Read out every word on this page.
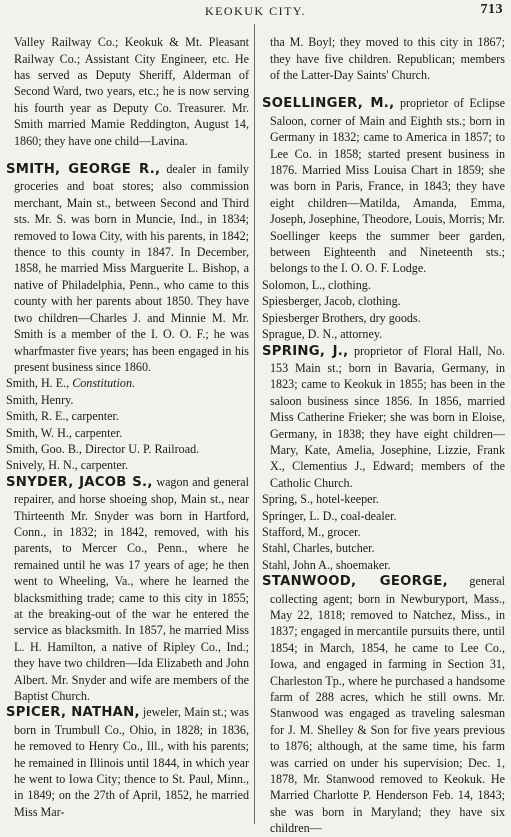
KEOKUK CITY.	713

Valley Railway Co.; Keokuk & Mt. Pleasant Railway Co.; Assistant City Engineer, etc. He has served as Deputy Sheriff, Alderman of Second Ward, two years, etc.; he is now serving his fourth year as Deputy Co. Treasurer. Mr. Smith married Mamie Reddington, August 14, 1860; they have one child—Lavina.

SMITH, GEORGE R., dealer in family groceries and boat stores; also commission merchant, Main st., between Second and Third sts. Mr. S. was born in Muncie, Ind., in 1834; removed to Iowa City, with his parents, in 1842; thence to this county in 1847. In December, 1858, he married Miss Marguerite L. Bishop, a native of Philadelphia, Penn., who came to this county with her parents about 1850. They have two children—Charles J. and Minnie M. Mr. Smith is a member of the I. O. O. F.; he was wharfmaster five years; has been engaged in his present business since 1860.

Smith, H. E., Constitution.

Smith, Henry.

Smith, R. E., carpenter.

Smith, W. H., carpenter.

Smith, Goo. B., Director U. P. Railroad.

Snively, H. N., carpenter.

SNYDER, JACOB S., wagon and general repairer, and horse shoeing shop, Main st., near Thirteenth Mr. Snyder was born in Hartford, Conn., in 1832; in 1842, removed, with his parents, to Mercer Co., Penn., where he remained until he was 17 years of age; he then went to Wheeling, Va., where he learned the blacksmithing trade; came to this city in 1855; at the breaking-out of the war he entered the service as blacksmith. In 1857, he married Miss L. H. Hamilton, a native of Ripley Co., Ind.; they have two children—Ida Elizabeth and John Albert. Mr. Snyder and wife are members of the Baptist Church.

SPICER, NATHAN, jeweler, Main st.; was born in Trumbull Co., Ohio, in 1828; in 1836, he removed to Henry Co., Ill., with his parents; he remained in Illinois until 1844, in which year he went to Iowa City; thence to St. Paul, Minn., in 1849; on the 27th of April, 1852, he married Miss Mar-

tha M. Boyl; they moved to this city in 1867; they have five children. Republican; members of the Latter-Day Saints' Church.

SOELLINGER, M., proprietor of Eclipse Saloon, corner of Main and Eighth sts.; born in Germany in 1832; came to America in 1857; to Lee Co. in 1858; started present business in 1876. Married Miss Louisa Chart in 1859; she was born in Paris, France, in 1843; they have eight children—Matilda, Amanda, Emma, Joseph, Josephine, Theodore, Louis, Morris; Mr. Soellinger keeps the summer beer garden, between Eighteenth and Nineteenth sts.; belongs to the I. O. O. F. Lodge.

Solomon, L., clothing.

Spiesberger, Jacob, clothing.

Spiesberger Brothers, dry goods.

Sprague, D. N., attorney.

SPRING, J., proprietor of Floral Hall, No. 153 Main st.; born in Bavaria, Germany, in 1823; came to Keokuk in 1855; has been in the saloon business since 1856. In 1856, married Miss Catherine Frieker; she was born in Eloise, Germany, in 1838; they have eight children—Mary, Kate, Amelia, Josephine, Lizzie, Frank X., Clementius J., Edward; members of the Catholic Church.

Spring, S., hotel-keeper.

Springer, L. D., coal-dealer.

Stafford, M., grocer.

Stahl, Charles, butcher.

Stahl, John A., shoemaker.

STANWOOD, GEORGE, general collecting agent; born in Newburyport, Mass., May 22, 1818; removed to Natchez, Miss., in 1837; engaged in mercantile pursuits there, until 1854; in March, 1854, he came to Lee Co., Iowa, and engaged in farming in Section 31, Charleston Tp., where he purchased a handsome farm of 288 acres, which he still owns. Mr. Stanwood was engaged as traveling salesman for J. M. Shelley & Son for five years previous to 1876; although, at the same time, his farm was carried on under his supervision; Dec. 1, 1878, Mr. Stanwood removed to Keokuk. He Married Charlotte P. Henderson Feb. 14, 1843; she was born in Maryland; they have six children—
